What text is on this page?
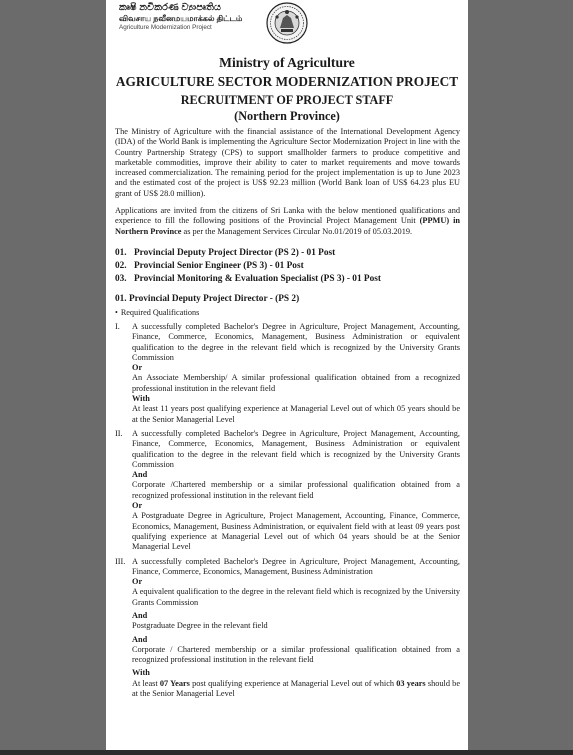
කෘෂි නවීකරණ ව්‍යාපෘතිය
விவசாய நவீனமயமாக்கல் திட்டம்
Agriculture Modernization Project
Ministry of Agriculture
AGRICULTURE SECTOR MODERNIZATION PROJECT
RECRUITMENT OF PROJECT STAFF
(Northern Province)

The Ministry of Agriculture with the financial assistance of the International Development Agency (IDA) of the World Bank is implementing the Agriculture Sector Modernization Project in line with the Country Partnership Strategy (CPS) to support smallholder farmers to produce competitive and marketable commodities, improve their ability to cater to market requirements and move towards increased commercialization. The remaining period for the project implementation is up to June 2023 and the estimated cost of the project is US$ 92.23 million (World Bank loan of US$ 64.23 plus EU grant of US$ 28.0 million).

Applications are invited from the citizens of Sri Lanka with the below mentioned qualifications and experience to fill the following positions of the Provincial Project Management Unit (PPMU) in Northern Province as per the Management Services Circular No.01/2019 of 05.03.2019.

01. Provincial Deputy Project Director (PS 2) - 01 Post
02. Provincial Senior Engineer (PS 3) - 01 Post
03. Provincial Monitoring & Evaluation Specialist (PS 3) - 01 Post
01. Provincial Deputy Project Director - (PS 2)
• Required Qualifications
I. A successfully completed Bachelor's Degree in Agriculture, Project Management, Accounting, Finance, Commerce, Economics, Management, Business Administration or equivalent qualification to the degree in the relevant field which is recognized by the University Grants Commission

Or

An Associate Membership/ A similar professional qualification obtained from a recognized professional institution in the relevant field

With

At least 11 years post qualifying experience at Managerial Level out of which 05 years should be at the Senior Managerial Level

II. A successfully completed Bachelor's Degree in Agriculture, Project Management, Accounting, Finance, Commerce, Economics, Management, Business Administration or equivalent qualification to the degree in the relevant field which is recognized by the University Grants Commission

And

Corporate /Chartered membership or a similar professional qualification obtained from a recognized professional institution in the relevant field

Or

A Postgraduate Degree in Agriculture, Project Management, Accounting, Finance, Commerce, Economics, Management, Business Administration, or equivalent field with at least 09 years post qualifying experience at Managerial Level out of which 04 years should be at the Senior Managerial Level

III. A successfully completed Bachelor's Degree in Agriculture, Project Management, Accounting, Finance, Commerce, Economics, Management, Business Administration

Or

A equivalent qualification to the degree in the relevant field which is recognized by the University Grants Commission

And

Postgraduate Degree in the relevant field

And

Corporate / Chartered membership or a similar professional qualification obtained from a recognized professional institution in the relevant field

With

At least 07 Years post qualifying experience at Managerial Level out of which 03 years should be at the Senior Managerial Level
